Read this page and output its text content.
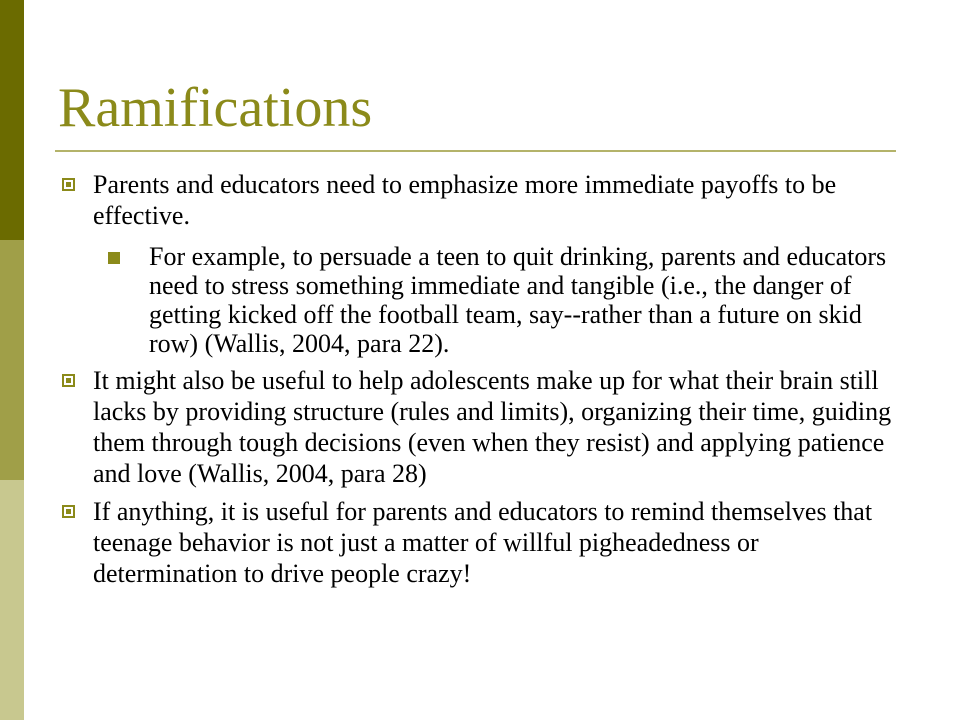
Ramifications
Parents and educators need to emphasize more immediate payoffs to be effective.
For example, to persuade a teen to quit drinking, parents and educators need to stress something immediate and tangible (i.e., the danger of getting kicked off the football team, say--rather than a future on skid row) (Wallis, 2004, para 22).
It might also be useful to help adolescents make up for what their brain still lacks by providing structure (rules and limits), organizing their time, guiding them through tough decisions (even when they resist) and applying patience and love (Wallis, 2004, para 28)
If anything, it is useful for parents and educators to remind themselves that teenage behavior is not just a matter of willful pigheadedness or determination to drive people crazy!
